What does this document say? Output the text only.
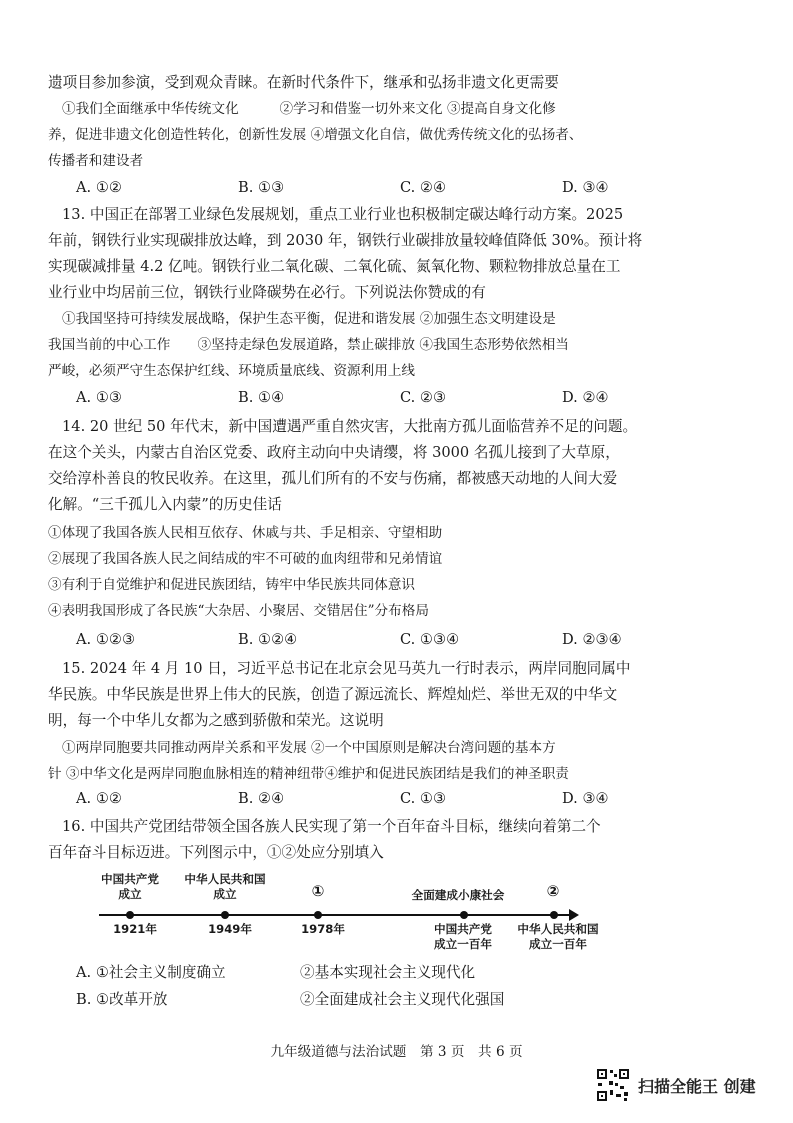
遗项目参加参演，受到观众青睐。在新时代条件下，继承和弘扬非遗文化更需要
①我们全面继承中华传统文化　　　②学习和借鉴一切外来文化 ③提高自身文化修
养，促进非遗文化创造性转化，创新性发展 ④增强文化自信，做优秀传统文化的弘扬者、
传播者和建设者
A. ①②	B. ①③	C. ②④	D. ③④
13. 中国正在部署工业绿色发展规划，重点工业行业也积极制定碳达峰行动方案。2025
年前，钢铁行业实现碳排放达峰，到 2030 年，钢铁行业碳排放量较峰值降低 30%。预计将
实现碳减排量 4.2 亿吨。钢铁行业二氧化碳、二氧化硫、氮氧化物、颗粒物排放总量在工
业行业中均居前三位，钢铁行业降碳势在必行。下列说法你赞成的有
①我国坚持可持续发展战略，保护生态平衡，促进和谐发展 ②加强生态文明建设是
我国当前的中心工作　　③坚持走绿色发展道路，禁止碳排放 ④我国生态形势依然相当
严峻，必须严守生态保护红线、环境质量底线、资源利用上线
A. ①③	B. ①④	C. ②③	D. ②④
14. 20 世纪 50 年代末，新中国遭遇严重自然灾害，大批南方孤儿面临营养不足的问题。
在这个关头，内蒙古自治区党委、政府主动向中央请缨，将 3000 名孤儿接到了大草原，
交给淳朴善良的牧民收养。在这里，孤儿们所有的不安与伤痛，都被感天动地的人间大爱
化解。“三千孤儿入内蒙”的历史佳话
①体现了我国各族人民相互依存、休戚与共、手足相亲、守望相助
②展现了我国各族人民之间结成的牢不可破的血肉纽带和兄弟情谊
③有利于自觉维护和促进民族团结，铸牢中华民族共同体意识
④表明我国形成了各民族“大杂居、小聚居、交错居住”分布格局
A. ①②③	B. ①②④	C. ①③④	D. ②③④
15. 2024 年 4 月 10 日，习近平总书记在北京会见马英九一行时表示，两岸同胞同属中
华民族。中华民族是世界上伟大的民族，创造了源远流长、辉煌灿烂、举世无双的中华文
明，每一个中华儿女都为之感到骄傲和荣光。这说明
①两岸同胞要共同推动两岸关系和平发展 ②一个中国原则是解决台湾问题的基本方
针 ③中华文化是两岸同胞血脉相连的精神纽带④维护和促进民族团结是我们的神圣职责
A. ①②	B. ②④	C. ①③	D. ③④
16. 中国共产党团结带领全国各族人民实现了第一个百年奋斗目标，继续向着第二个
百年奋斗目标迈进。下列图示中，①②处应分别填入
中国共产党
成立
中华人民共和国
成立	①	全面建成小康社会	②
1921年	1949年	1978年	中国共产党
成立一百年
中华人民共和国
成立一百年
A. ①社会主义制度确立	②基本实现社会主义现代化
B. ①改革开放	②全面建成社会主义现代化强国
九年级道德与法治试题　第 3 页　共 6 页
扫描全能王 创建
